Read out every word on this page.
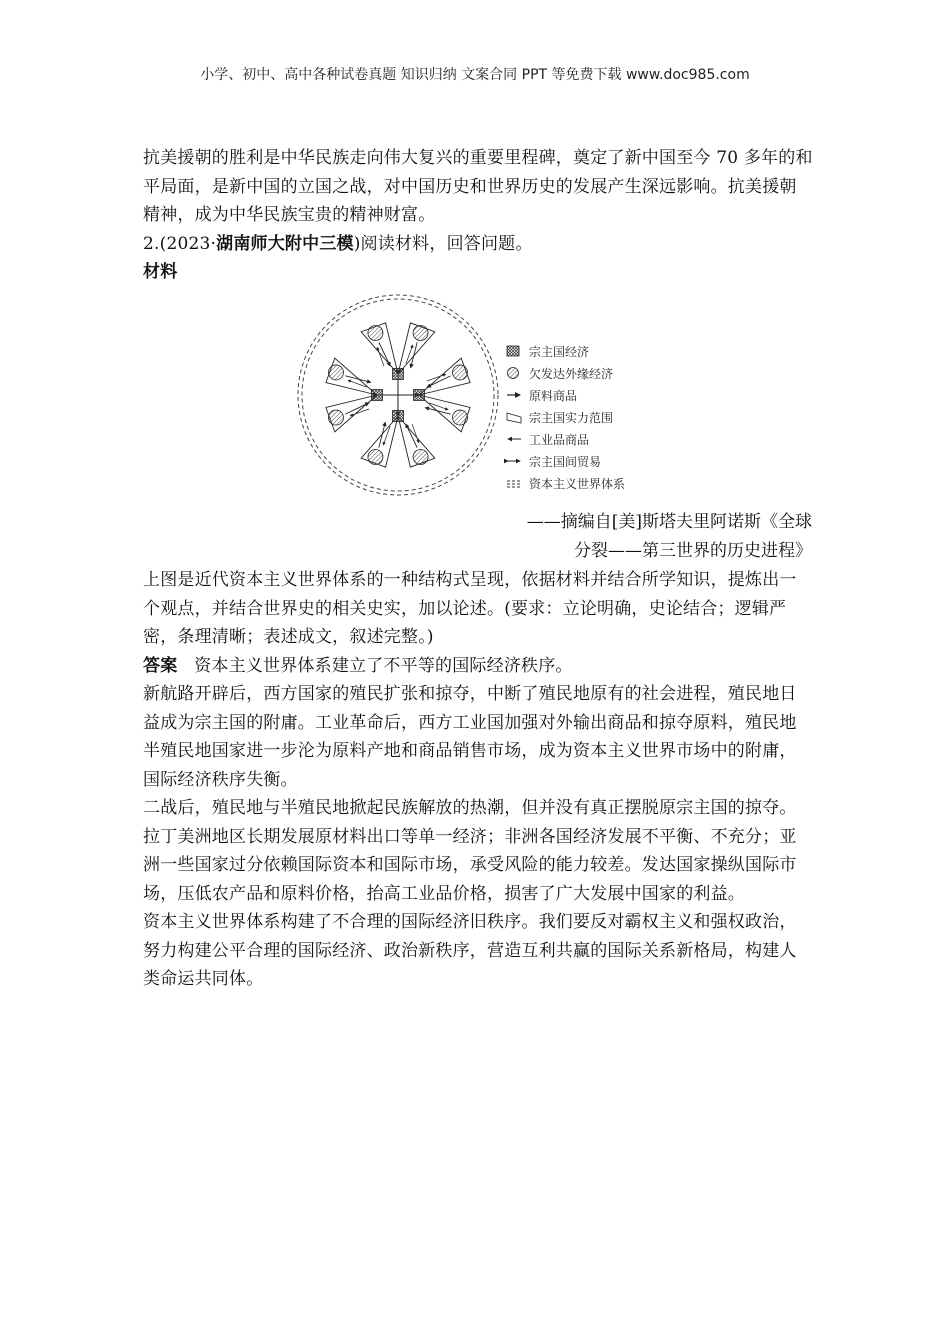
小学、初中、高中各种试卷真题 知识归纳 文案合同 PPT 等免费下载 www.doc985.com

抗美援朝的胜利是中华民族走向伟大复兴的重要里程碑，奠定了新中国至今 70 多年的和平局面，是新中国的立国之战，对中国历史和世界历史的发展产生深远影响。抗美援朝精神，成为中华民族宝贵的精神财富。

2.(2023·湖南师大附中三模)阅读材料，回答问题。

材料

宗主国经济
欠发达外缘经济
原料商品
宗主国实力范围
工业品商品
宗主国间贸易
资本主义世界体系
——摘编自[美]斯塔夫里阿诺斯《全球
分裂——第三世界的历史进程》

上图是近代资本主义世界体系的一种结构式呈现，依据材料并结合所学知识，提炼出一个观点，并结合世界史的相关史实，加以论述。(要求：立论明确，史论结合；逻辑严密，条理清晰；表述成文，叙述完整。)

答案 资本主义世界体系建立了不平等的国际经济秩序。

新航路开辟后，西方国家的殖民扩张和掠夺，中断了殖民地原有的社会进程，殖民地日益成为宗主国的附庸。工业革命后，西方工业国加强对外输出商品和掠夺原料，殖民地半殖民地国家进一步沦为原料产地和商品销售市场，成为资本主义世界市场中的附庸，国际经济秩序失衡。

二战后，殖民地与半殖民地掀起民族解放的热潮，但并没有真正摆脱原宗主国的掠夺。拉丁美洲地区长期发展原材料出口等单一经济；非洲各国经济发展不平衡、不充分；亚洲一些国家过分依赖国际资本和国际市场，承受风险的能力较差。发达国家操纵国际市场，压低农产品和原料价格，抬高工业品价格，损害了广大发展中国家的利益。

资本主义世界体系构建了不合理的国际经济旧秩序。我们要反对霸权主义和强权政治，努力构建公平合理的国际经济、政治新秩序，营造互利共赢的国际关系新格局，构建人类命运共同体。
